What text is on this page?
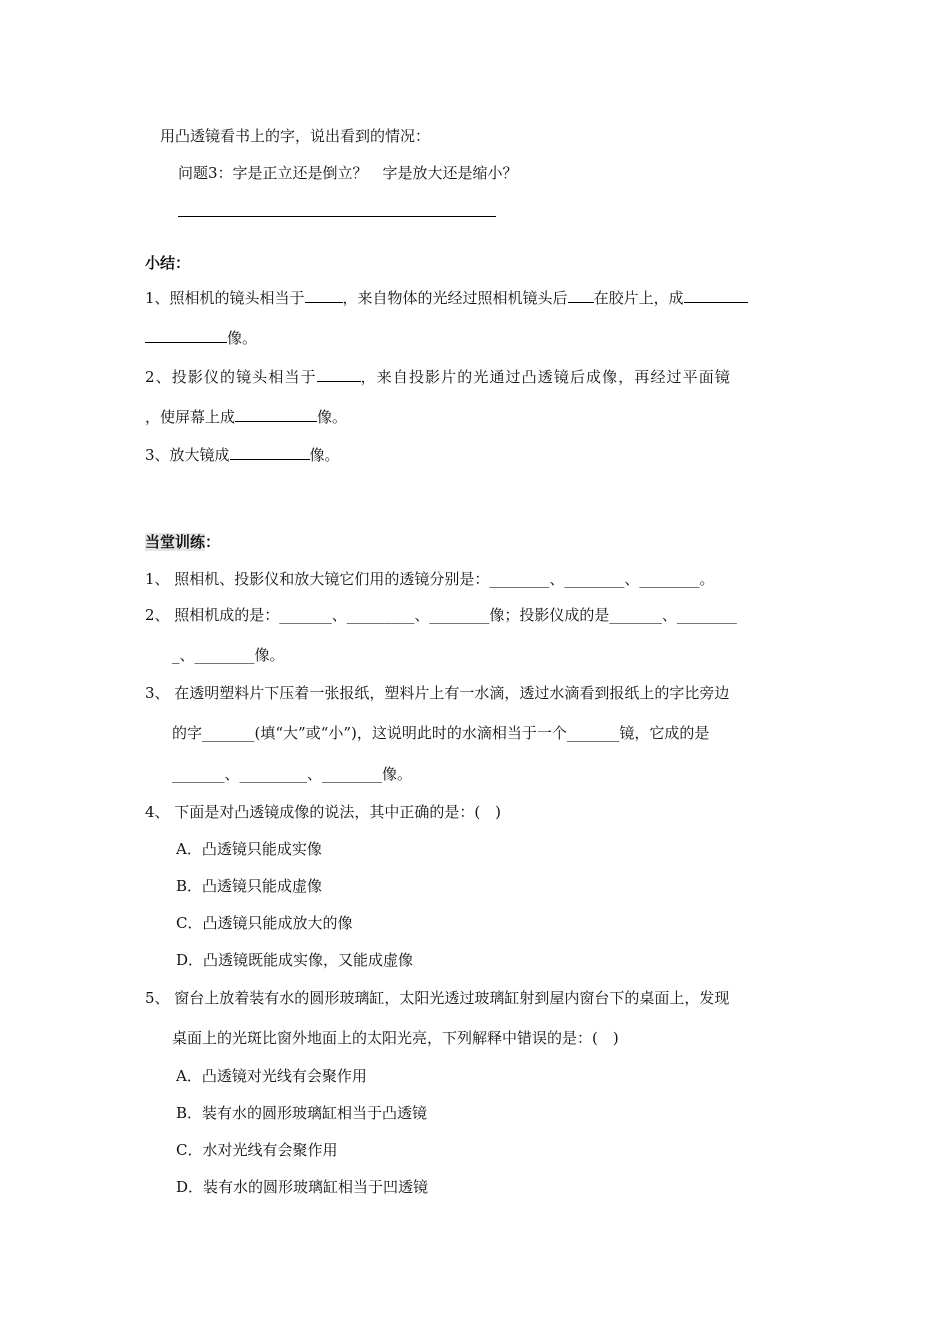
用凸透镜看书上的字，说出看到的情况：
问题3：字是正立还是倒立？　字是放大还是缩小？
小结：
1、照相机的镜头相当于	，来自物体的光经过照相机镜头后 在胶片上，成
像。
2、投影仪的镜头相当于	，来自投影片的光通过凸透镜后成像，再经过平面镜
，使屏幕上成	像。
3、放大镜成	像。
当堂训练：
1、 照相机、投影仪和放大镜它们用的透镜分别是：________、________、________。
2、 照相机成的是：_______、_________、________像；投影仪成的是_______、________
_、________像。
3、 在透明塑料片下压着一张报纸，塑料片上有一水滴，透过水滴看到报纸上的字比旁边
的字_______(填“大”或“小”)，这说明此时的水滴相当于一个_______镜，它成的是
_______、_________、________像。
4、 下面是对凸透镜成像的说法，其中正确的是：(　)
A．凸透镜只能成实像
B．凸透镜只能成虚像
C．凸透镜只能成放大的像
D．凸透镜既能成实像，又能成虚像
5、 窗台上放着装有水的圆形玻璃缸，太阳光透过玻璃缸射到屋内窗台下的桌面上，发现
桌面上的光斑比窗外地面上的太阳光亮，下列解释中错误的是：(　)
A．凸透镜对光线有会聚作用
B．装有水的圆形玻璃缸相当于凸透镜
C．水对光线有会聚作用
D．装有水的圆形玻璃缸相当于凹透镜
